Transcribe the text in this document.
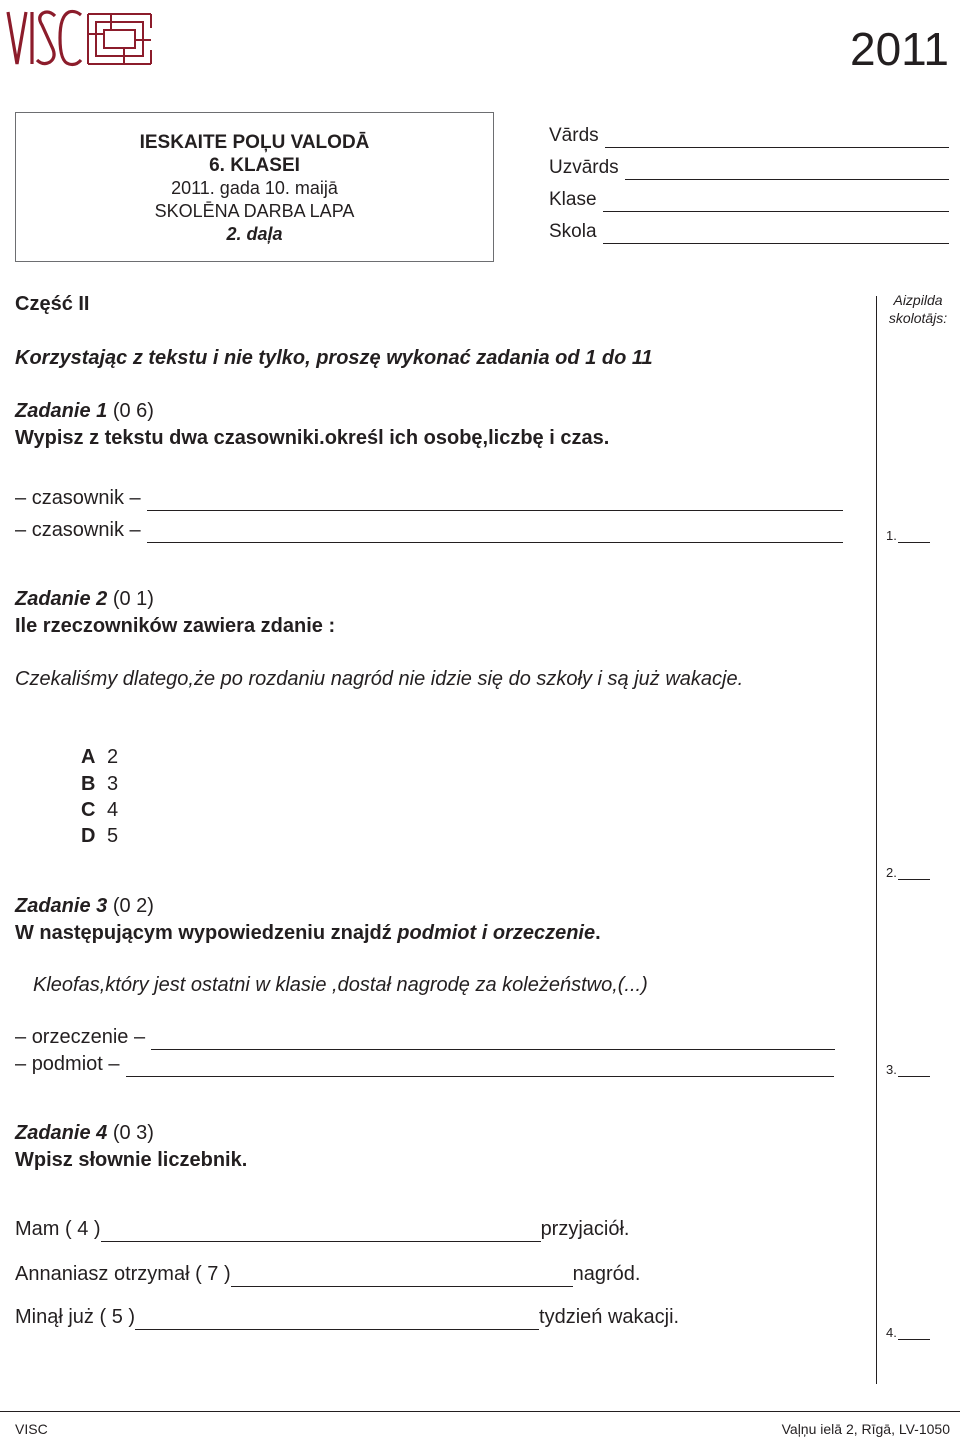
2011
IESKAITE POĻU VALODĀ
6. KLASEI
2011. gada 10. maijā
SKOLĒNA DARBA LAPA
2. daļa
Vārds
Uzvārds
Klase
Skola
Aizpilda skolotājs:
Część II
Korzystając z tekstu i nie tylko, proszę wykonać zadania od 1 do 11
Zadanie 1 (0 6)
Wypisz z tekstu dwa czasowniki.określ ich osobę,liczbę i czas.
– czasownik –
– czasownik –	1.
Zadanie 2 (0 1)
Ile rzeczowników zawiera zdanie :
Czekaliśmy dlatego,że po rozdaniu nagród nie idzie się do szkoły i są już wakacje.
A 2
B 3
C 4
D 5
2.
Zadanie 3 (0 2)
W następującym wypowiedzeniu znajdź podmiot i orzeczenie.
Kleofas,który jest ostatni w klasie ,dostał nagrodę za koleżeństwo,(...)
– orzeczenie –
– podmiot –	3.
Zadanie 4 (0 3)
Wpisz słownie liczebnik.
Mam ( 4 )	przyjaciół.
Annaniasz otrzymał ( 7 )	nagród.
Minął już ( 5 )	tydzień wakacji.
4.
VISC	Vaļņu ielā 2, Rīgā, LV-1050
